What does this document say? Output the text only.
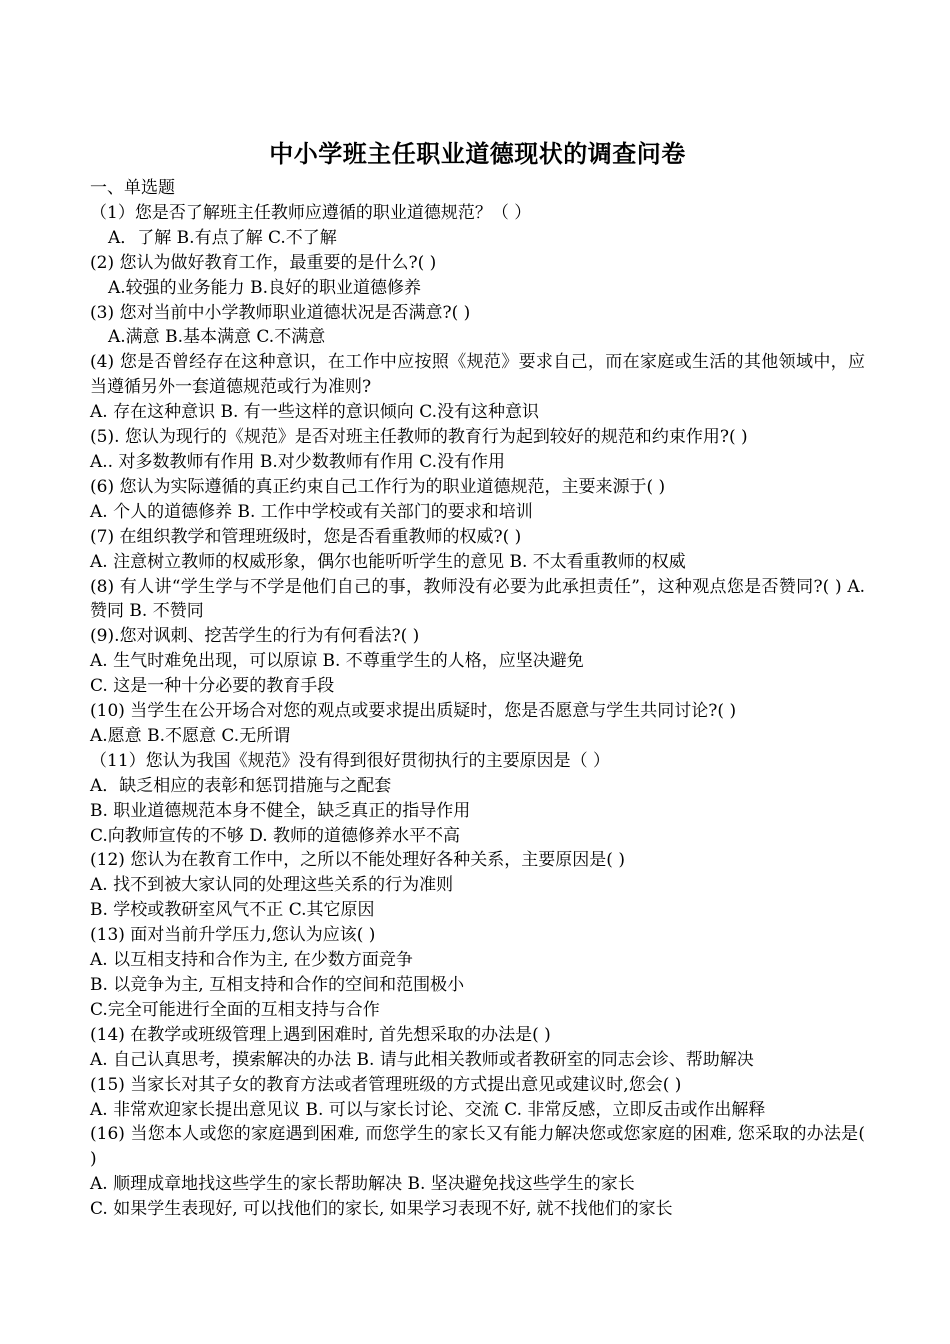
中小学班主任职业道德现状的调查问卷
一、单选题
（1）您是否了解班主任教师应遵循的职业道德规范？（ ）
A．了解 B.有点了解 C.不了解
(2) 您认为做好教育工作，最重要的是什么?( )
A.较强的业务能力 B.良好的职业道德修养
(3) 您对当前中小学教师职业道德状况是否满意?( )
A.满意 B.基本满意 C.不满意
(4) 您是否曾经存在这种意识，在工作中应按照《规范》要求自己，而在家庭或生活的其他领域中，应当遵循另外一套道德规范或行为准则?
A. 存在这种意识 B. 有一些这样的意识倾向 C.没有这种意识
(5). 您认为现行的《规范》是否对班主任教师的教育行为起到较好的规范和约束作用?( )
A.. 对多数教师有作用 B.对少数教师有作用 C.没有作用
(6) 您认为实际遵循的真正约束自己工作行为的职业道德规范，主要来源于( )
A. 个人的道德修养 B. 工作中学校或有关部门的要求和培训
(7) 在组织教学和管理班级时，您是否看重教师的权威?( )
A. 注意树立教师的权威形象，偶尔也能听听学生的意见 B. 不太看重教师的权威
(8) 有人讲“学生学与不学是他们自己的事，教师没有必要为此承担责任”，这种观点您是否赞同?( ) A. 赞同 B. 不赞同
(9).您对讽刺、挖苦学生的行为有何看法?( )
A. 生气时难免出现，可以原谅 B. 不尊重学生的人格，应坚决避免
C. 这是一种十分必要的教育手段
(10) 当学生在公开场合对您的观点或要求提出质疑时，您是否愿意与学生共同讨论?( )
A.愿意 B.不愿意 C.无所谓
（11）您认为我国《规范》没有得到很好贯彻执行的主要原因是（ ）
A．缺乏相应的表彰和惩罚措施与之配套
B. 职业道德规范本身不健全，缺乏真正的指导作用
C.向教师宣传的不够 D. 教师的道德修养水平不高
(12) 您认为在教育工作中，之所以不能处理好各种关系，主要原因是( )
A. 找不到被大家认同的处理这些关系的行为准则
B. 学校或教研室风气不正 C.其它原因
(13) 面对当前升学压力,您认为应该( )
A. 以互相支持和合作为主, 在少数方面竞争
B. 以竞争为主, 互相支持和合作的空间和范围极小
C.完全可能进行全面的互相支持与合作
(14) 在教学或班级管理上遇到困难时, 首先想采取的办法是( )
A. 自己认真思考，摸索解决的办法 B. 请与此相关教师或者教研室的同志会诊、帮助解决
(15) 当家长对其子女的教育方法或者管理班级的方式提出意见或建议时,您会( )
A. 非常欢迎家长提出意见议 B. 可以与家长讨论、交流 C. 非常反感，立即反击或作出解释
(16) 当您本人或您的家庭遇到困难, 而您学生的家长又有能力解决您或您家庭的困难, 您采取的办法是( )
A. 顺理成章地找这些学生的家长帮助解决 B. 坚决避免找这些学生的家长
C. 如果学生表现好, 可以找他们的家长, 如果学习表现不好, 就不找他们的家长
